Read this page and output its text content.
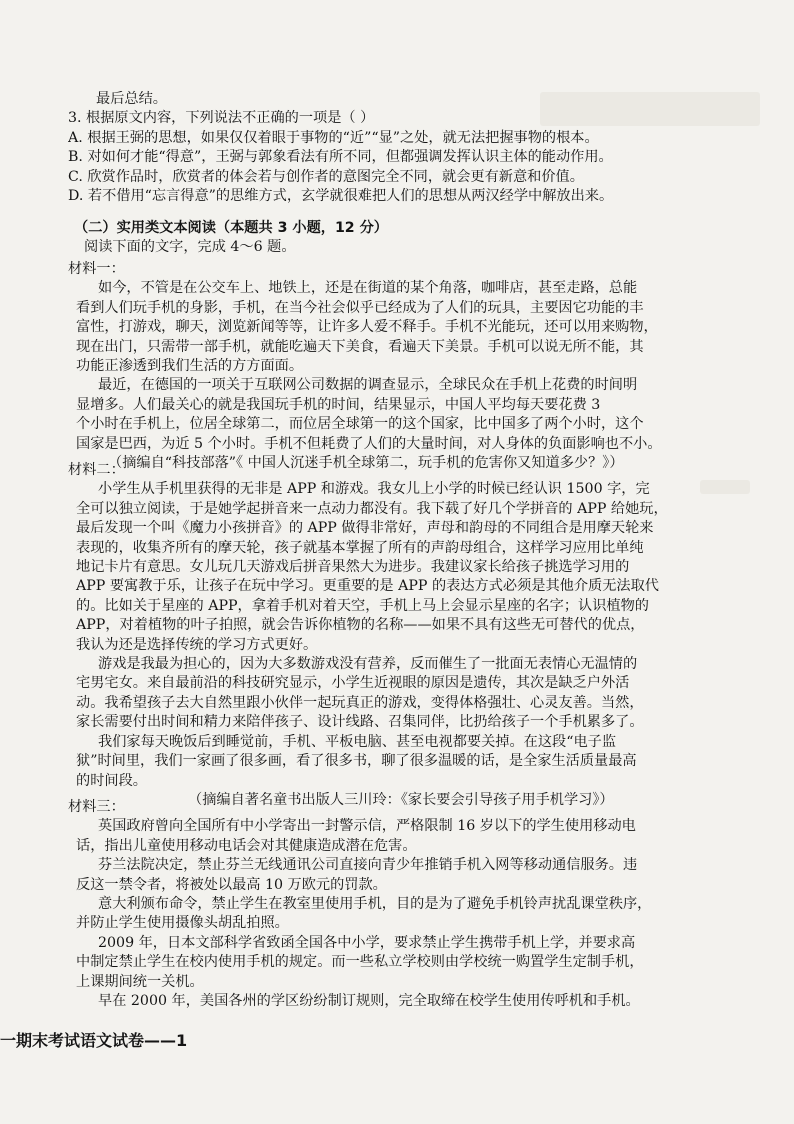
最后总结。
3. 根据原文内容，下列说法不正确的一项是（ ）
A. 根据王弼的思想，如果仅仅着眼于事物的“近”“显”之处，就无法把握事物的根本。
B. 对如何才能“得意”，王弼与郭象看法有所不同，但都强调发挥认识主体的能动作用。
C. 欣赏作品时，欣赏者的体会若与创作者的意图完全不同，就会更有新意和价值。
D. 若不借用“忘言得意”的思维方式，玄学就很难把人们的思想从两汉经学中解放出来。
（二）实用类文本阅读（本题共 3 小题，12 分）
阅读下面的文字，完成 4～6 题。
材料一：
如今，不管是在公交车上、地铁上，还是在街道的某个角落，咖啡店，甚至走路，总能
看到人们玩手机的身影，手机，在当今社会似乎已经成为了人们的玩具，主要因它功能的丰
富性，打游戏，聊天，浏览新闻等等，让许多人爱不释手。手机不光能玩，还可以用来购物，
现在出门，只需带一部手机，就能吃遍天下美食，看遍天下美景。手机可以说无所不能，其
功能正渗透到我们生活的方方面面。
最近，在德国的一项关于互联网公司数据的调查显示，全球民众在手机上花费的时间明
显增多。人们最关心的就是我国玩手机的时间，结果显示，中国人平均每天要花费 3
个小时在手机上，位居全球第二，而位居全球第一的这个国家，比中国多了两个小时，这个
国家是巴西，为近 5 个小时。手机不但耗费了人们的大量时间，对人身体的负面影响也不小。
（摘编自“科技部落”《 中国人沉迷手机全球第二，玩手机的危害你又知道多少？》）
材料二：
小学生从手机里获得的无非是 APP 和游戏。我女儿上小学的时候已经认识 1500 字，完
全可以独立阅读，于是她学起拼音来一点动力都没有。我下载了好几个学拼音的 APP 给她玩，
最后发现一个叫《魔力小孩拼音》的 APP 做得非常好，声母和韵母的不同组合是用摩天轮来
表现的，收集齐所有的摩天轮，孩子就基本掌握了所有的声韵母组合，这样学习应用比单纯
地记卡片有意思。女儿玩几天游戏后拼音果然大为进步。我建议家长给孩子挑选学习用的
APP 要寓教于乐，让孩子在玩中学习。更重要的是 APP 的表达方式必须是其他介质无法取代
的。比如关于星座的 APP，拿着手机对着天空，手机上马上会显示星座的名字；认识植物的
APP，对着植物的叶子拍照，就会告诉你植物的名称——如果不具有这些无可替代的优点，
我认为还是选择传统的学习方式更好。
游戏是我最为担心的，因为大多数游戏没有营养，反而催生了一批面无表情心无温情的
宅男宅女。来自最前沿的科技研究显示，小学生近视眼的原因是遗传，其次是缺乏户外活
动。我希望孩子去大自然里跟小伙伴一起玩真正的游戏，变得体格强壮、心灵友善。当然，
家长需要付出时间和精力来陪伴孩子、设计线路、召集同伴，比扔给孩子一个手机累多了。
我们家每天晚饭后到睡觉前，手机、平板电脑、甚至电视都要关掉。在这段“电子监
狱”时间里，我们一家画了很多画，看了很多书，聊了很多温暖的话，是全家生活质量最高
的时间段。
（摘编自著名童书出版人三川玲：《家长要会引导孩子用手机学习》）
材料三：
英国政府曾向全国所有中小学寄出一封警示信，严格限制 16 岁以下的学生使用移动电
话，指出儿童使用移动电话会对其健康造成潜在危害。
芬兰法院决定，禁止芬兰无线通讯公司直接向青少年推销手机入网等移动通信服务。违
反这一禁令者，将被处以最高 10 万欧元的罚款。
意大利颁布命令，禁止学生在教室里使用手机，目的是为了避免手机铃声扰乱课堂秩序，
并防止学生使用摄像头胡乱拍照。
2009 年，日本文部科学省致函全国各中小学，要求禁止学生携带手机上学，并要求高
中制定禁止学生在校内使用手机的规定。而一些私立学校则由学校统一购置学生定制手机，
上课期间统一关机。
早在 2000 年，美国各州的学区纷纷制订规则，完全取缔在校学生使用传呼机和手机。
一期末考试语文试卷——1
